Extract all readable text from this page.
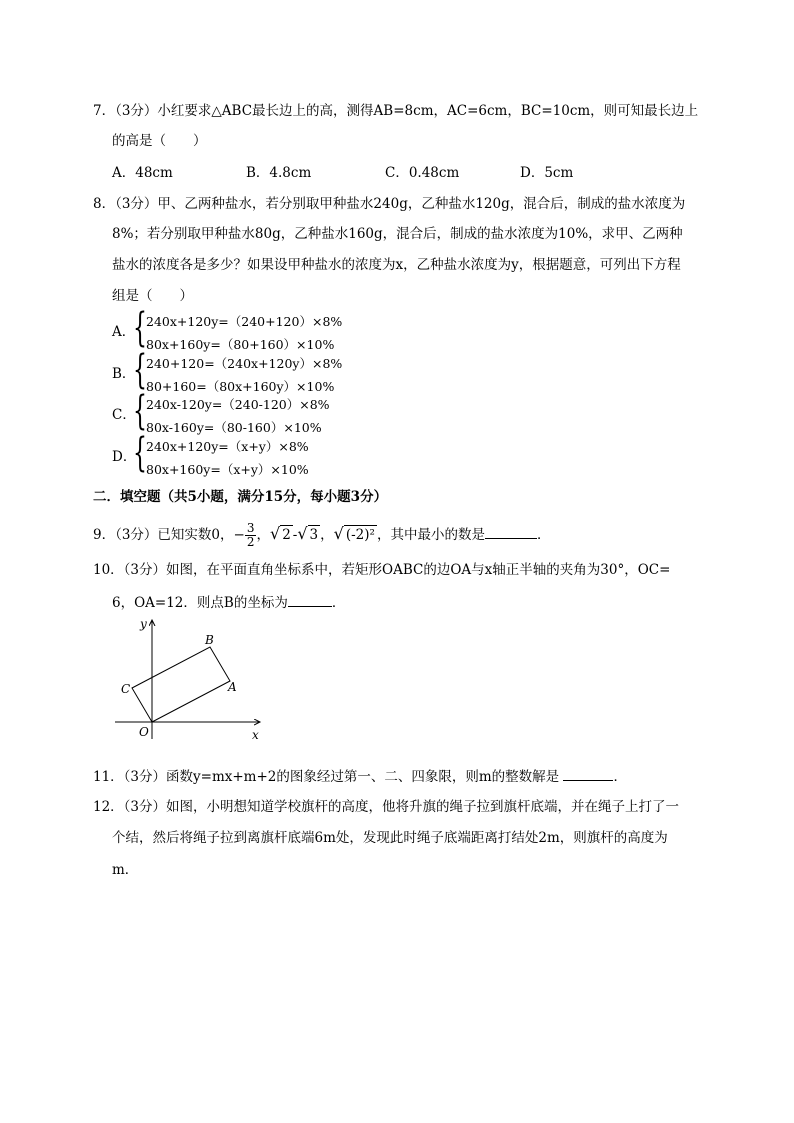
7．（3分）小红要求△ABC最长边上的高，测得AB=8cm，AC=6cm，BC=10cm，则可知最长边上
的高是（　　）
A．48cm	B．4.8cm	C．0.48cm	D．5cm
8．（3分）甲、乙两种盐水，若分别取甲种盐水240g，乙种盐水120g，混合后，制成的盐水浓度为
8%；若分别取甲种盐水80g，乙种盐水160g，混合后，制成的盐水浓度为10%，求甲、乙两种
盐水的浓度各是多少？如果设甲种盐水的浓度为x，乙种盐水浓度为y，根据题意，可列出下方程
组是（　　）
A．
{ 240x+120y=（240+120）×8%
80x+160y=（80+160）×10%
B．
{ 240+120=（240x+120y）×8%
80+160=（80x+160y）×10%
C．
{ 240x-120y=（240-120）×8%
80x-160y=（80-160）×10%
D．
{ 240x+120y=（x+y）×8%
80x+160y=（x+y）×10%
二．填空题（共5小题，满分15分，每小题3分）
9．（3分）已知实数0，− $\frac{3}{2}$ ，√ 2 -√ 3 ，√ (-2)² ，其中最小的数是	．
10．（3分）如图，在平面直角坐标系中，若矩形OABC的边OA与x轴正半轴的夹角为30°，OC=
6，OA=12．则点B的坐标为	．
y
x
O
A
B
C
11．（3分）函数y=mx+m+2的图象经过第一、二、四象限，则m的整数解是	．
12．（3分）如图，小明想知道学校旗杆的高度，他将升旗的绳子拉到旗杆底端，并在绳子上打了一
个结，然后将绳子拉到离旗杆底端6m处，发现此时绳子底端距离打结处2m，则旗杆的高度为
m．
